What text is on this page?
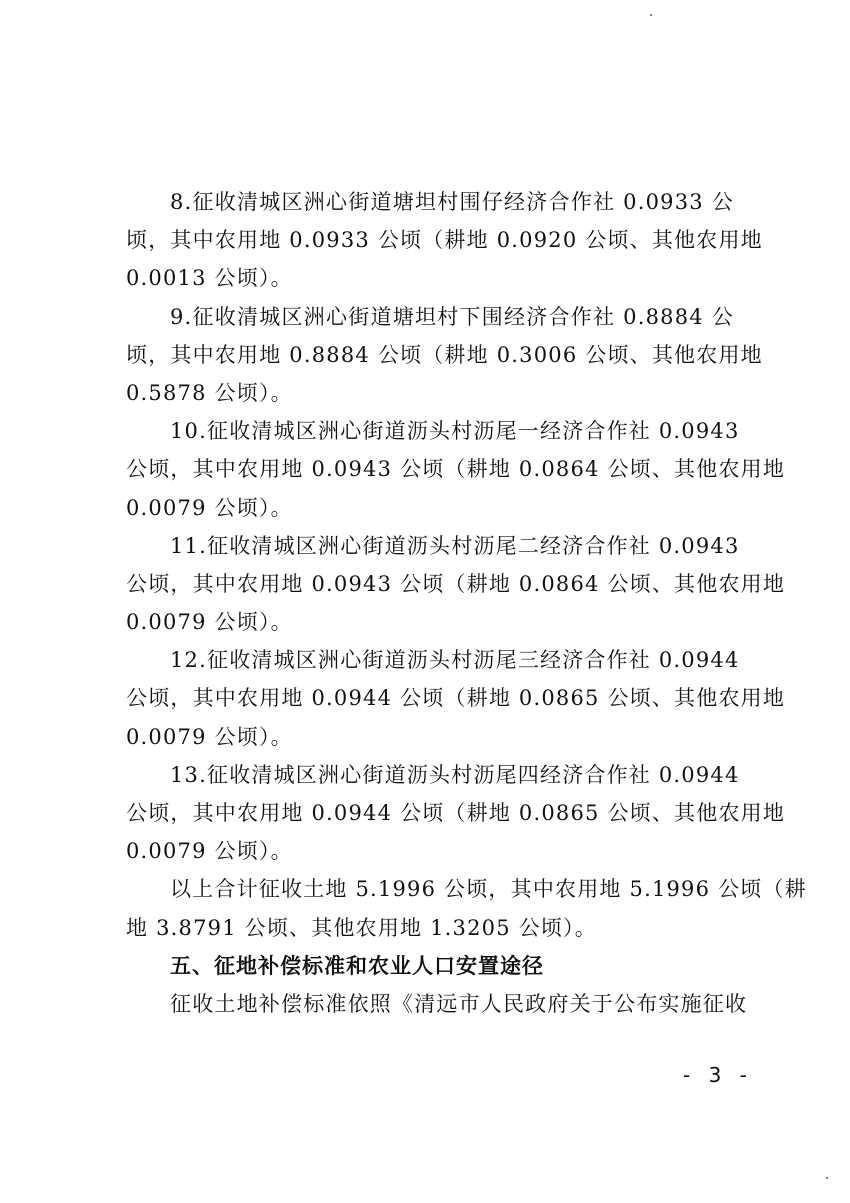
8.征收清城区洲心街道塘坦村围仔经济合作社 0.0933 公
顷，其中农用地 0.0933 公顷（耕地 0.0920 公顷、其他农用地
0.0013 公顷）。
9.征收清城区洲心街道塘坦村下围经济合作社 0.8884 公
顷，其中农用地 0.8884 公顷（耕地 0.3006 公顷、其他农用地
0.5878 公顷）。
10.征收清城区洲心街道沥头村沥尾一经济合作社 0.0943
公顷，其中农用地 0.0943 公顷（耕地 0.0864 公顷、其他农用地
0.0079 公顷）。
11.征收清城区洲心街道沥头村沥尾二经济合作社 0.0943
公顷，其中农用地 0.0943 公顷（耕地 0.0864 公顷、其他农用地
0.0079 公顷）。
12.征收清城区洲心街道沥头村沥尾三经济合作社 0.0944
公顷，其中农用地 0.0944 公顷（耕地 0.0865 公顷、其他农用地
0.0079 公顷）。
13.征收清城区洲心街道沥头村沥尾四经济合作社 0.0944
公顷，其中农用地 0.0944 公顷（耕地 0.0865 公顷、其他农用地
0.0079 公顷）。
以上合计征收土地 5.1996 公顷，其中农用地 5.1996 公顷（耕
地 3.8791 公顷、其他农用地 1.3205 公顷）。
五、征地补偿标准和农业人口安置途径
征收土地补偿标准依照《清远市人民政府关于公布实施征收
- 3 -
